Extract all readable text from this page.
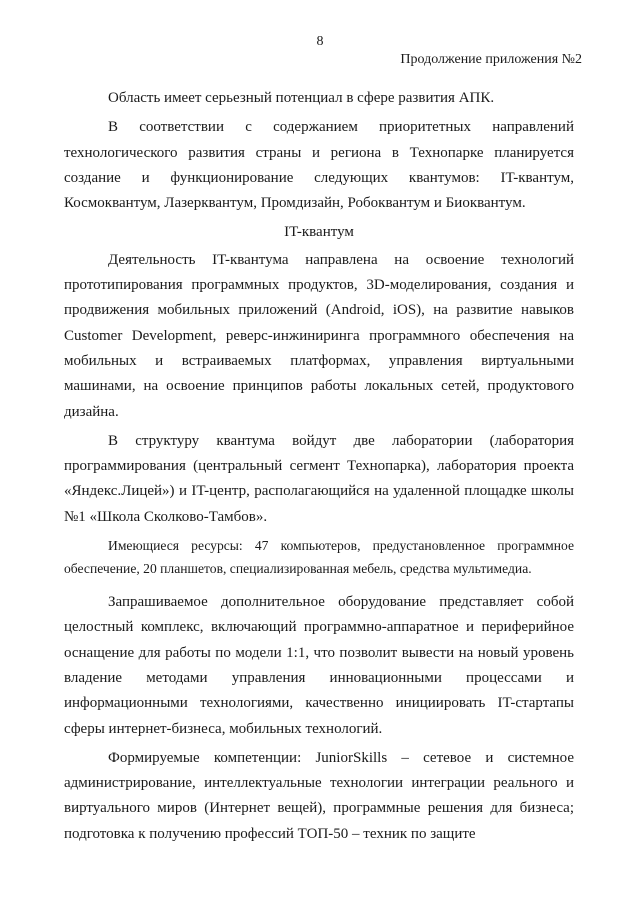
8
Продолжение приложения №2

Область имеет серьезный потенциал в сфере развития АПК.

В соответствии с содержанием приоритетных направлений технологического развития страны и региона в Технопарке планируется создание и функционирование следующих квантумов: IT-квантум, Космоквантум, Лазерквантум, Промдизайн, Робоквантум и Биоквантум.

IT-квантум

Деятельность IT-квантума направлена на освоение технологий прототипирования программных продуктов, 3D-моделирования, создания и продвижения мобильных приложений (Android, iOS), на развитие навыков Customer Development, реверс-инжиниринга программного обеспечения на мобильных и встраиваемых платформах, управления виртуальными машинами, на освоение принципов работы локальных сетей, продуктового дизайна.

В структуру квантума войдут две лаборатории (лаборатория программирования (центральный сегмент Технопарка), лаборатория проекта «Яндекс.Лицей») и IT-центр, располагающийся на удаленной площадке школы №1 «Школа Сколково-Тамбов».

Имеющиеся ресурсы: 47 компьютеров, предустановленное программное обеспечение, 20 планшетов, специализированная мебель, средства мультимедиа.

Запрашиваемое дополнительное оборудование представляет собой целостный комплекс, включающий программно-аппаратное и периферийное оснащение для работы по модели 1:1, что позволит вывести на новый уровень владение методами управления инновационными процессами и информационными технологиями, качественно инициировать IT-стартапы сферы интернет-бизнеса, мобильных технологий.

Формируемые компетенции: JuniorSkills – сетевое и системное администрирование, интеллектуальные технологии интеграции реального и виртуального миров (Интернет вещей), программные решения для бизнеса; подготовка к получению профессий ТОП-50 – техник по защите
